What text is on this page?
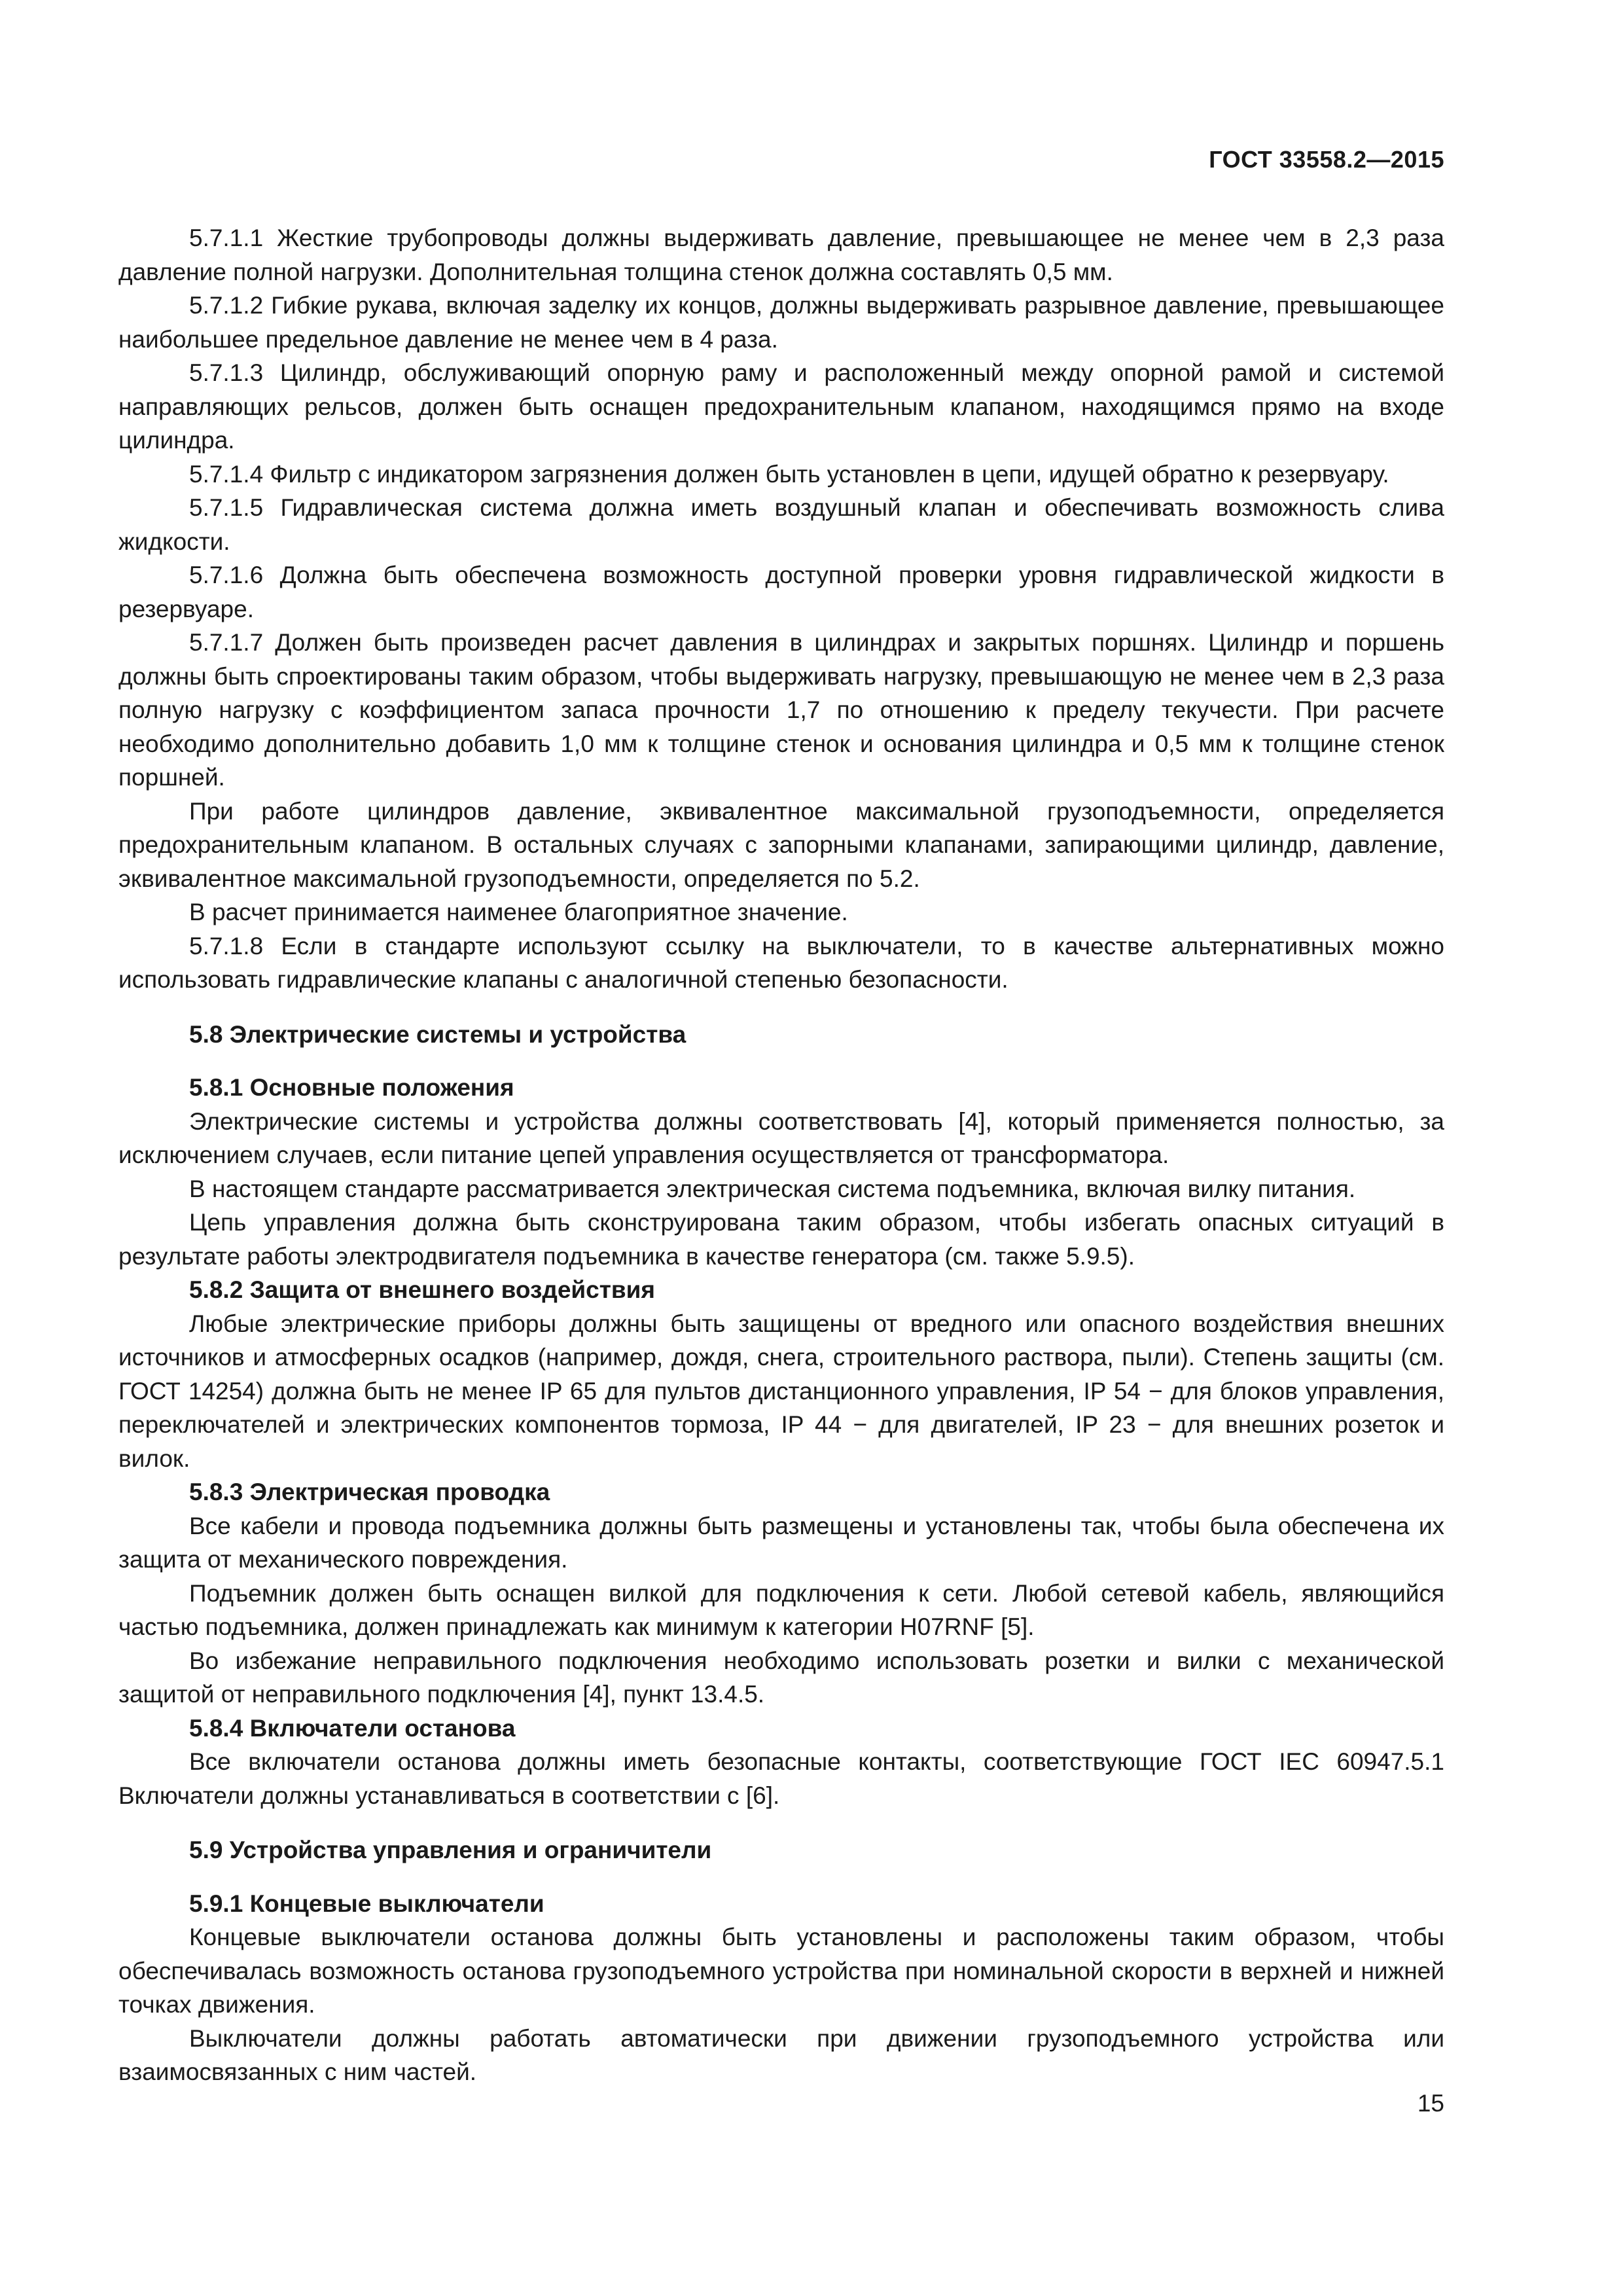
ГОСТ 33558.2—2015

5.7.1.1 Жесткие трубопроводы должны выдерживать давление, превышающее не менее чем в 2,3 раза давление полной нагрузки. Дополнительная толщина стенок должна составлять 0,5 мм.

5.7.1.2 Гибкие рукава, включая заделку их концов, должны выдерживать разрывное давление, превышающее наибольшее предельное давление не менее чем в 4 раза.

5.7.1.3 Цилиндр, обслуживающий опорную раму и расположенный между опорной рамой и системой направляющих рельсов, должен быть оснащен предохранительным клапаном, находящимся прямо на входе цилиндра.

5.7.1.4 Фильтр с индикатором загрязнения должен быть установлен в цепи, идущей обратно к резервуару.

5.7.1.5 Гидравлическая система должна иметь воздушный клапан и обеспечивать возможность слива жидкости.

5.7.1.6 Должна быть обеспечена возможность доступной проверки уровня гидравлической жидкости в резервуаре.

5.7.1.7 Должен быть произведен расчет давления в цилиндрах и закрытых поршнях. Цилиндр и поршень должны быть спроектированы таким образом, чтобы выдерживать нагрузку, превышающую не менее чем в 2,3 раза полную нагрузку с коэффициентом запаса прочности 1,7 по отношению к пределу текучести. При расчете необходимо дополнительно добавить 1,0 мм к толщине стенок и основания цилиндра и 0,5 мм к толщине стенок поршней.

При работе цилиндров давление, эквивалентное максимальной грузоподъемности, определяется предохранительным клапаном. В остальных случаях с запорными клапанами, запирающими цилиндр, давление, эквивалентное максимальной грузоподъемности, определяется по 5.2.

В расчет принимается наименее благоприятное значение.

5.7.1.8 Если в стандарте используют ссылку на выключатели, то в качестве альтернативных можно использовать гидравлические клапаны с аналогичной степенью безопасности.

5.8 Электрические системы и устройства
5.8.1 Основные положения

Электрические системы и устройства должны соответствовать [4], который применяется полностью, за исключением случаев, если питание цепей управления осуществляется от трансформатора.

В настоящем стандарте рассматривается электрическая система подъемника, включая вилку питания.

Цепь управления должна быть сконструирована таким образом, чтобы избегать опасных ситуаций в результате работы электродвигателя подъемника в качестве генератора (см. также 5.9.5).

5.8.2 Защита от внешнего воздействия

Любые электрические приборы должны быть защищены от вредного или опасного воздействия внешних источников и атмосферных осадков (например, дождя, снега, строительного раствора, пыли). Степень защиты (см. ГОСТ 14254) должна быть не менее IP 65 для пультов дистанционного управления, IP 54 − для блоков управления, переключателей и электрических компонентов тормоза, IP 44 − для двигателей, IP 23 − для внешних розеток и вилок.

5.8.3 Электрическая проводка

Все кабели и провода подъемника должны быть размещены и установлены так, чтобы была обеспечена их защита от механического повреждения.

Подъемник должен быть оснащен вилкой для подключения к сети. Любой сетевой кабель, являющийся частью подъемника, должен принадлежать как минимум к категории H07RNF [5].

Во избежание неправильного подключения необходимо использовать розетки и вилки с механической защитой от неправильного подключения [4], пункт 13.4.5.

5.8.4 Включатели останова

Все включатели останова должны иметь безопасные контакты, соответствующие ГОСТ IEC 60947.5.1 Включатели должны устанавливаться в соответствии с [6].

5.9 Устройства управления и ограничители
5.9.1 Концевые выключатели

Концевые выключатели останова должны быть установлены и расположены таким образом, чтобы обеспечивалась возможность останова грузоподъемного устройства при номинальной скорости в верхней и нижней точках движения.

Выключатели должны работать автоматически при движении грузоподъемного устройства или взаимосвязанных с ним частей.

15
